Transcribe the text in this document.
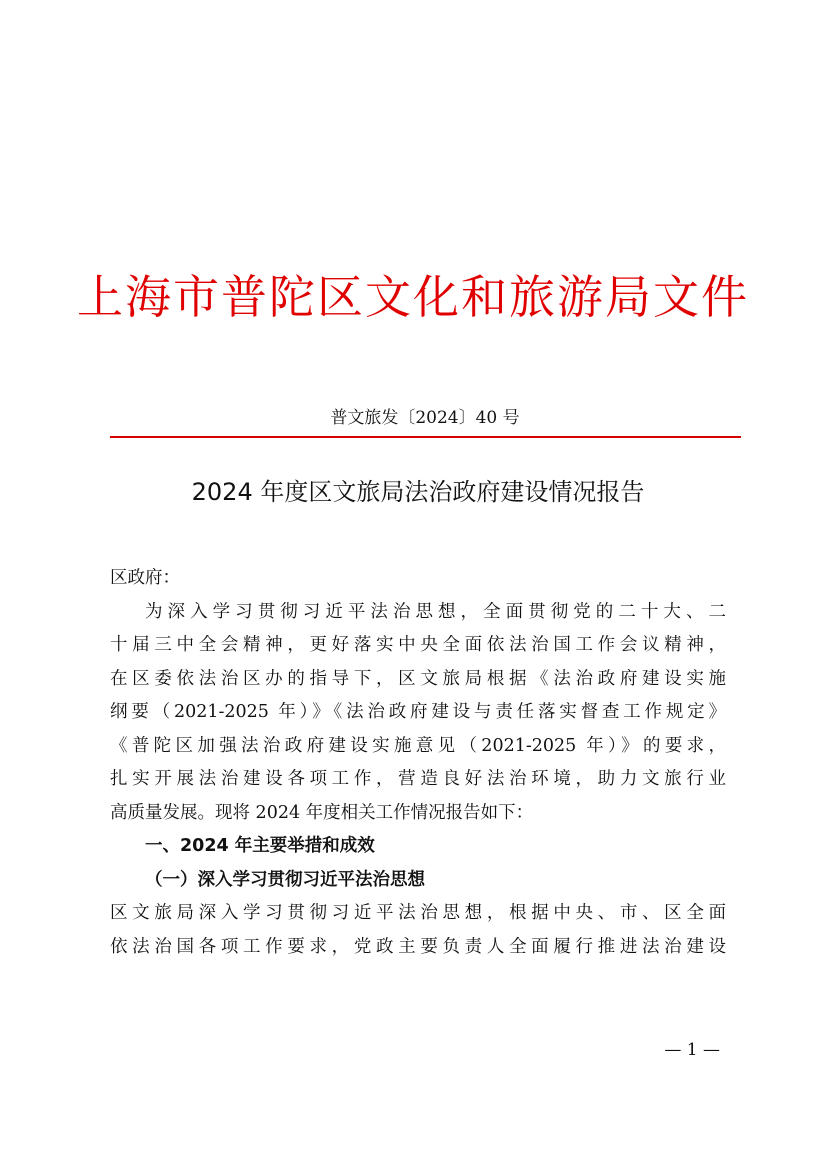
上海市普陀区文化和旅游局文件
普文旅发〔2024〕40 号
2024 年度区文旅局法治政府建设情况报告
区政府：
为深入学习贯彻习近平法治思想，全面贯彻党的二十大、二
十届三中全会精神，更好落实中央全面依法治国工作会议精神，
在区委依法治区办的指导下，区文旅局根据《法治政府建设实施
纲要（2021-2025 年）》《法治政府建设与责任落实督查工作规定》
《普陀区加强法治政府建设实施意见（2021-2025 年）》的要求，
扎实开展法治建设各项工作，营造良好法治环境，助力文旅行业
高质量发展。现将 2024 年度相关工作情况报告如下：
一、2024 年主要举措和成效
（一）深入学习贯彻习近平法治思想
区文旅局深入学习贯彻习近平法治思想，根据中央、市、区全面
依法治国各项工作要求，党政主要负责人全面履行推进法治建设
— 1 —
